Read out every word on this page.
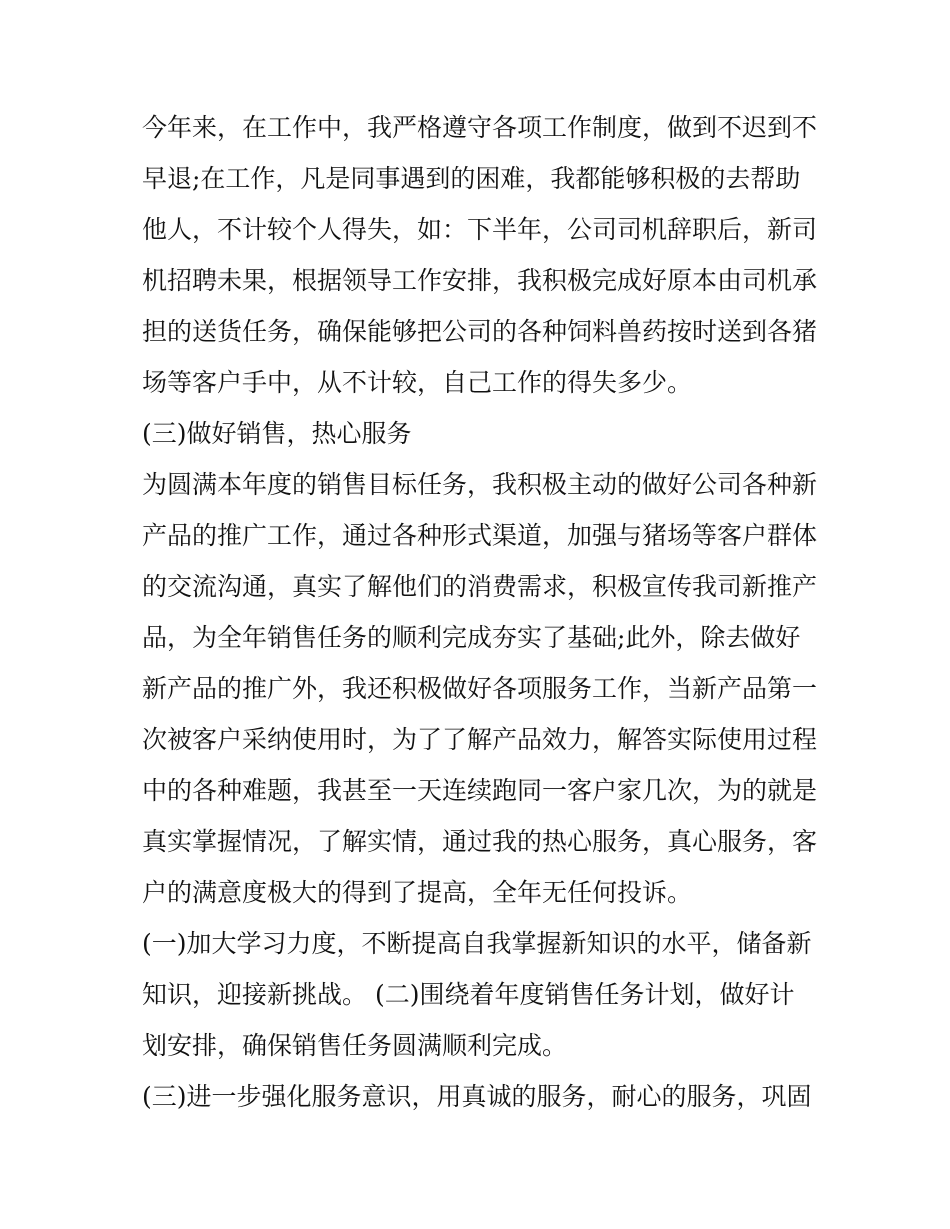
今年来，在工作中，我严格遵守各项工作制度，做到不迟到不
早退;在工作，凡是同事遇到的困难，我都能够积极的去帮助
他人，不计较个人得失，如：下半年，公司司机辞职后，新司
机招聘未果，根据领导工作安排，我积极完成好原本由司机承
担的送货任务，确保能够把公司的各种饲料兽药按时送到各猪
场等客户手中，从不计较，自己工作的得失多少。
(三)做好销售，热心服务
为圆满本年度的销售目标任务，我积极主动的做好公司各种新
产品的推广工作，通过各种形式渠道，加强与猪场等客户群体
的交流沟通，真实了解他们的消费需求，积极宣传我司新推产
品，为全年销售任务的顺利完成夯实了基础;此外，除去做好
新产品的推广外，我还积极做好各项服务工作，当新产品第一
次被客户采纳使用时，为了了解产品效力，解答实际使用过程
中的各种难题，我甚至一天连续跑同一客户家几次，为的就是
真实掌握情况，了解实情，通过我的热心服务，真心服务，客
户的满意度极大的得到了提高，全年无任何投诉。
(一)加大学习力度，不断提高自我掌握新知识的水平，储备新
知识，迎接新挑战。 (二)围绕着年度销售任务计划，做好计
划安排，确保销售任务圆满顺利完成。
(三)进一步强化服务意识，用真诚的服务，耐心的服务，巩固
